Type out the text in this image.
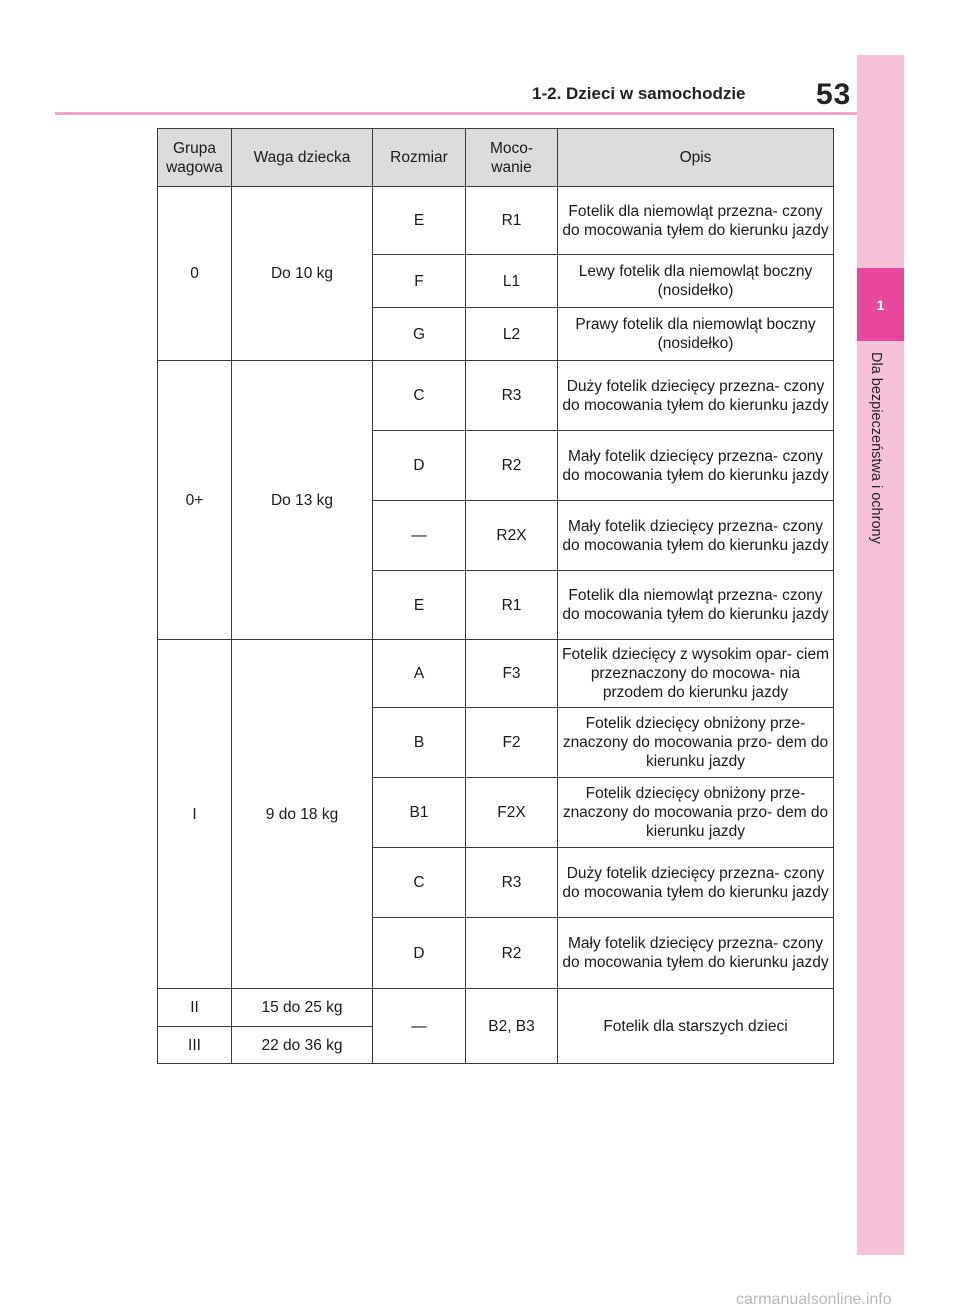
1-2. Dzieci w samochodzie 53
1
Dla bezpieczeństwa i ochrony
Grupa wagowa	Waga dziecka	Rozmiar	Moco- wanie	Opis
0	Do 10 kg	E	R1	Fotelik dla niemowląt przezna- czony do mocowania tyłem do kierunku jazdy
		F	L1	Lewy fotelik dla niemowląt boczny (nosidełko)
		G	L2	Prawy fotelik dla niemowląt boczny (nosidełko)
0+	Do 13 kg	C	R3	Duży fotelik dziecięcy przezna- czony do mocowania tyłem do kierunku jazdy
		D	R2	Mały fotelik dziecięcy przezna- czony do mocowania tyłem do kierunku jazdy
		—	R2X	Mały fotelik dziecięcy przezna- czony do mocowania tyłem do kierunku jazdy
		E	R1	Fotelik dla niemowląt przezna- czony do mocowania tyłem do kierunku jazdy
I	9 do 18 kg	A	F3	Fotelik dziecięcy z wysokim opar- ciem przeznaczony do mocowa- nia przodem do kierunku jazdy
		B	F2	Fotelik dziecięcy obniżony prze- znaczony do mocowania przo- dem do kierunku jazdy
		B1	F2X	Fotelik dziecięcy obniżony prze- znaczony do mocowania przo- dem do kierunku jazdy
		C	R3	Duży fotelik dziecięcy przezna- czony do mocowania tyłem do kierunku jazdy
		D	R2	Mały fotelik dziecięcy przezna- czony do mocowania tyłem do kierunku jazdy
II	15 do 25 kg	—	B2, B3	Fotelik dla starszych dzieci
III	22 do 36 kg			
carmanualsonline.info
